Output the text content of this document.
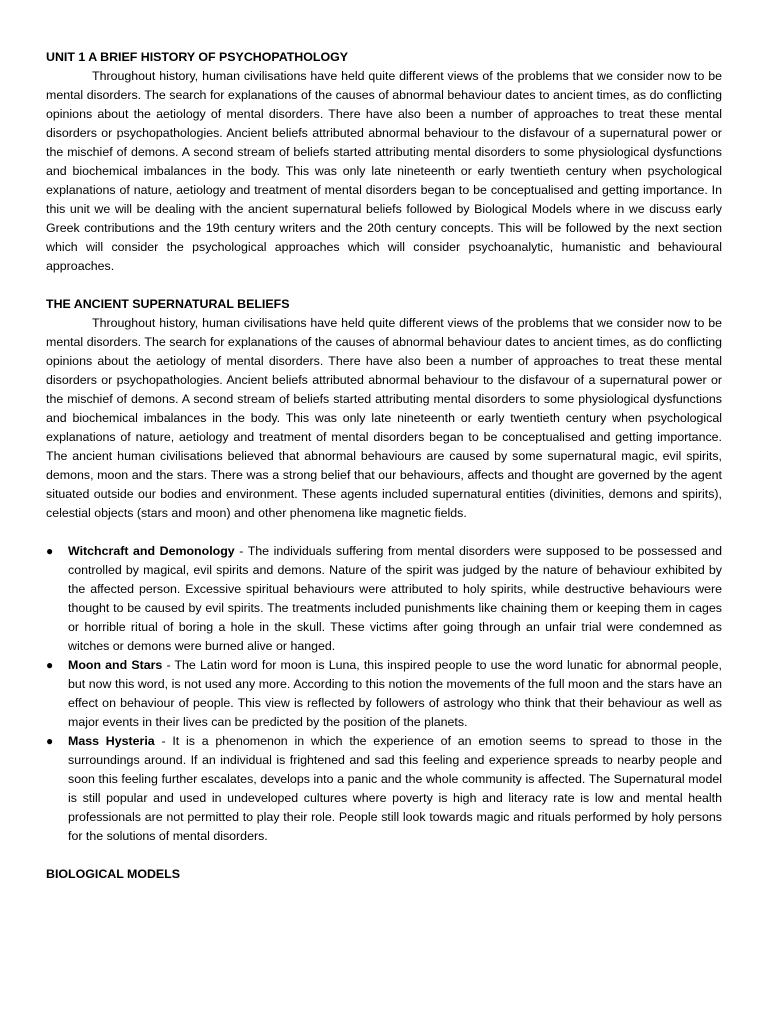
UNIT 1 A BRIEF HISTORY OF PSYCHOPATHOLOGY

Throughout history, human civilisations have held quite different views of the problems that we consider now to be mental disorders. The search for explanations of the causes of abnormal behaviour dates to ancient times, as do conflicting opinions about the aetiology of mental disorders. There have also been a number of approaches to treat these mental disorders or psychopathologies. Ancient beliefs attributed abnormal behaviour to the disfavour of a supernatural power or the mischief of demons. A second stream of beliefs started attributing mental disorders to some physiological dysfunctions and biochemical imbalances in the body. This was only late nineteenth or early twentieth century when psychological explanations of nature, aetiology and treatment of mental disorders began to be conceptualised and getting importance. In this unit we will be dealing with the ancient supernatural beliefs followed by Biological Models where in we discuss early Greek contributions and the 19th century writers and the 20th century concepts. This will be followed by the next section which will consider the psychological approaches which will consider psychoanalytic, humanistic and behavioural approaches.

THE ANCIENT SUPERNATURAL BELIEFS

Throughout history, human civilisations have held quite different views of the problems that we consider now to be mental disorders. The search for explanations of the causes of abnormal behaviour dates to ancient times, as do conflicting opinions about the aetiology of mental disorders. There have also been a number of approaches to treat these mental disorders or psychopathologies. Ancient beliefs attributed abnormal behaviour to the disfavour of a supernatural power or the mischief of demons. A second stream of beliefs started attributing mental disorders to some physiological dysfunctions and biochemical imbalances in the body. This was only late nineteenth or early twentieth century when psychological explanations of nature, aetiology and treatment of mental disorders began to be conceptualised and getting importance. The ancient human civilisations believed that abnormal behaviours are caused by some supernatural magic, evil spirits, demons, moon and the stars. There was a strong belief that our behaviours, affects and thought are governed by the agent situated outside our bodies and environment. These agents included supernatural entities (divinities, demons and spirits), celestial objects (stars and moon) and other phenomena like magnetic fields.

● Witchcraft and Demonology - The individuals suffering from mental disorders were supposed to be possessed and controlled by magical, evil spirits and demons. Nature of the spirit was judged by the nature of behaviour exhibited by the affected person. Excessive spiritual behaviours were attributed to holy spirits, while destructive behaviours were thought to be caused by evil spirits. The treatments included punishments like chaining them or keeping them in cages or horrible ritual of boring a hole in the skull. These victims after going through an unfair trial were condemned as witches or demons were burned alive or hanged.
● Moon and Stars - The Latin word for moon is Luna, this inspired people to use the word lunatic for abnormal people, but now this word, is not used any more. According to this notion the movements of the full moon and the stars have an effect on behaviour of people. This view is reflected by followers of astrology who think that their behaviour as well as major events in their lives can be predicted by the position of the planets.
● Mass Hysteria - It is a phenomenon in which the experience of an emotion seems to spread to those in the surroundings around. If an individual is frightened and sad this feeling and experience spreads to nearby people and soon this feeling further escalates, develops into a panic and the whole community is affected. The Supernatural model is still popular and used in undeveloped cultures where poverty is high and literacy rate is low and mental health professionals are not permitted to play their role. People still look towards magic and rituals performed by holy persons for the solutions of mental disorders.

BIOLOGICAL MODELS
